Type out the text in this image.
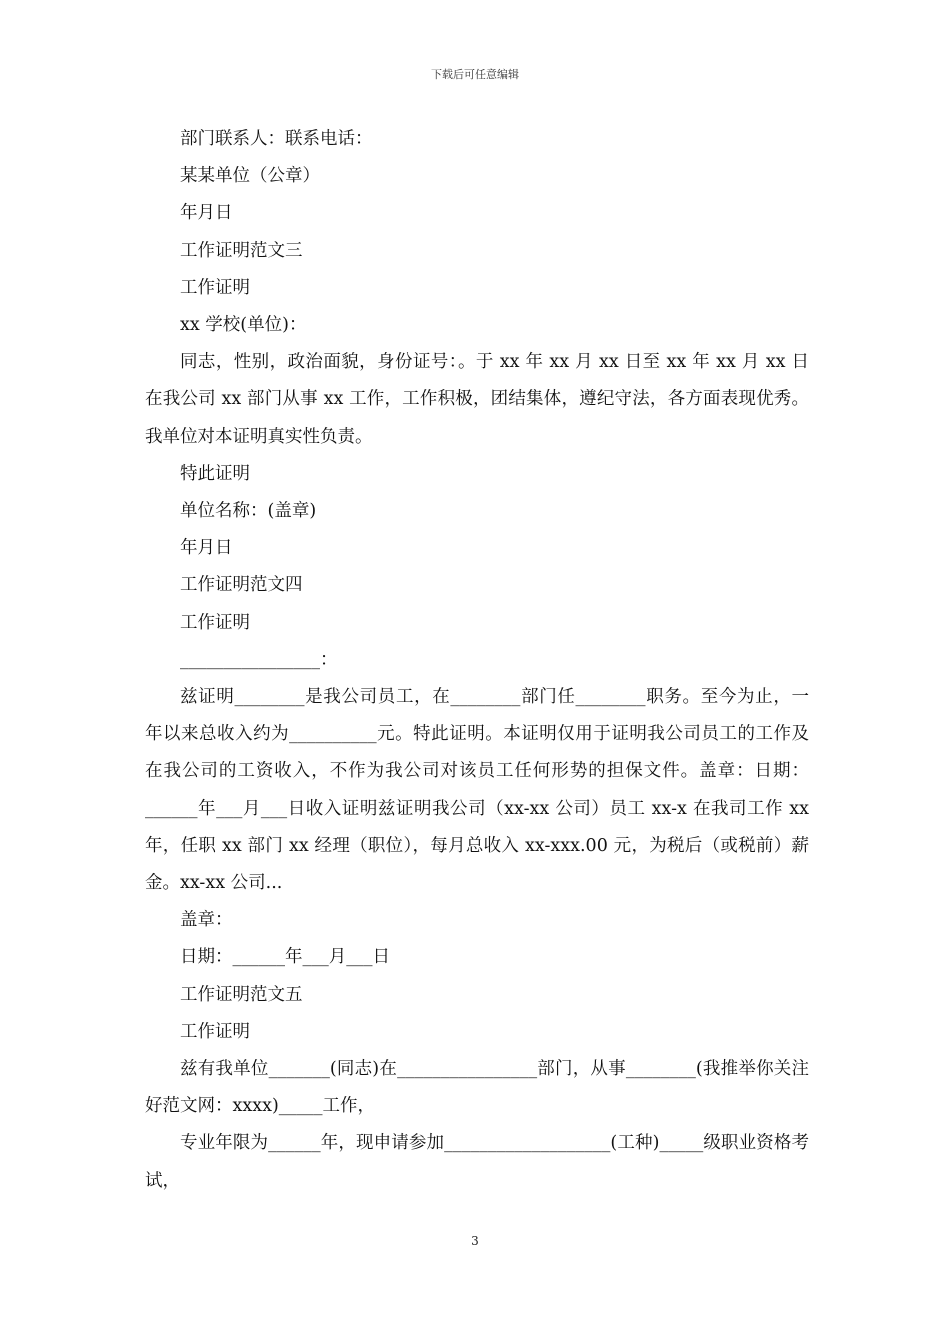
下载后可任意编辑

部门联系人：联系电话：

某某单位（公章）

年月日

工作证明范文三

工作证明

xx 学校(单位)：

同志，性别，政治面貌，身份证号：。于 xx 年 xx 月 xx 日至 xx 年 xx 月 xx 日在我公司 xx 部门从事 xx 工作，工作积极，团结集体，遵纪守法，各方面表现优秀。我单位对本证明真实性负责。

特此证明

单位名称：(盖章)

年月日

工作证明范文四

工作证明

________________：

兹证明________是我公司员工，在________部门任________职务。至今为止，一年以来总收入约为__________元。特此证明。本证明仅用于证明我公司员工的工作及在我公司的工资收入，不作为我公司对该员工任何形势的担保文件。盖章：日期：______年___月___日收入证明兹证明我公司（xx-xx 公司）员工 xx-x 在我司工作 xx 年，任职 xx 部门 xx 经理（职位），每月总收入 xx-xxx.00 元，为税后（或税前）薪金。xx-xx 公司...

盖章：

日期：______年___月___日

工作证明范文五

工作证明

兹有我单位_______(同志)在________________部门，从事________(我推举你关注好范文网：xxxx)_____工作，

专业年限为______年，现申请参加___________________(工种)_____级职业资格考试，

3
